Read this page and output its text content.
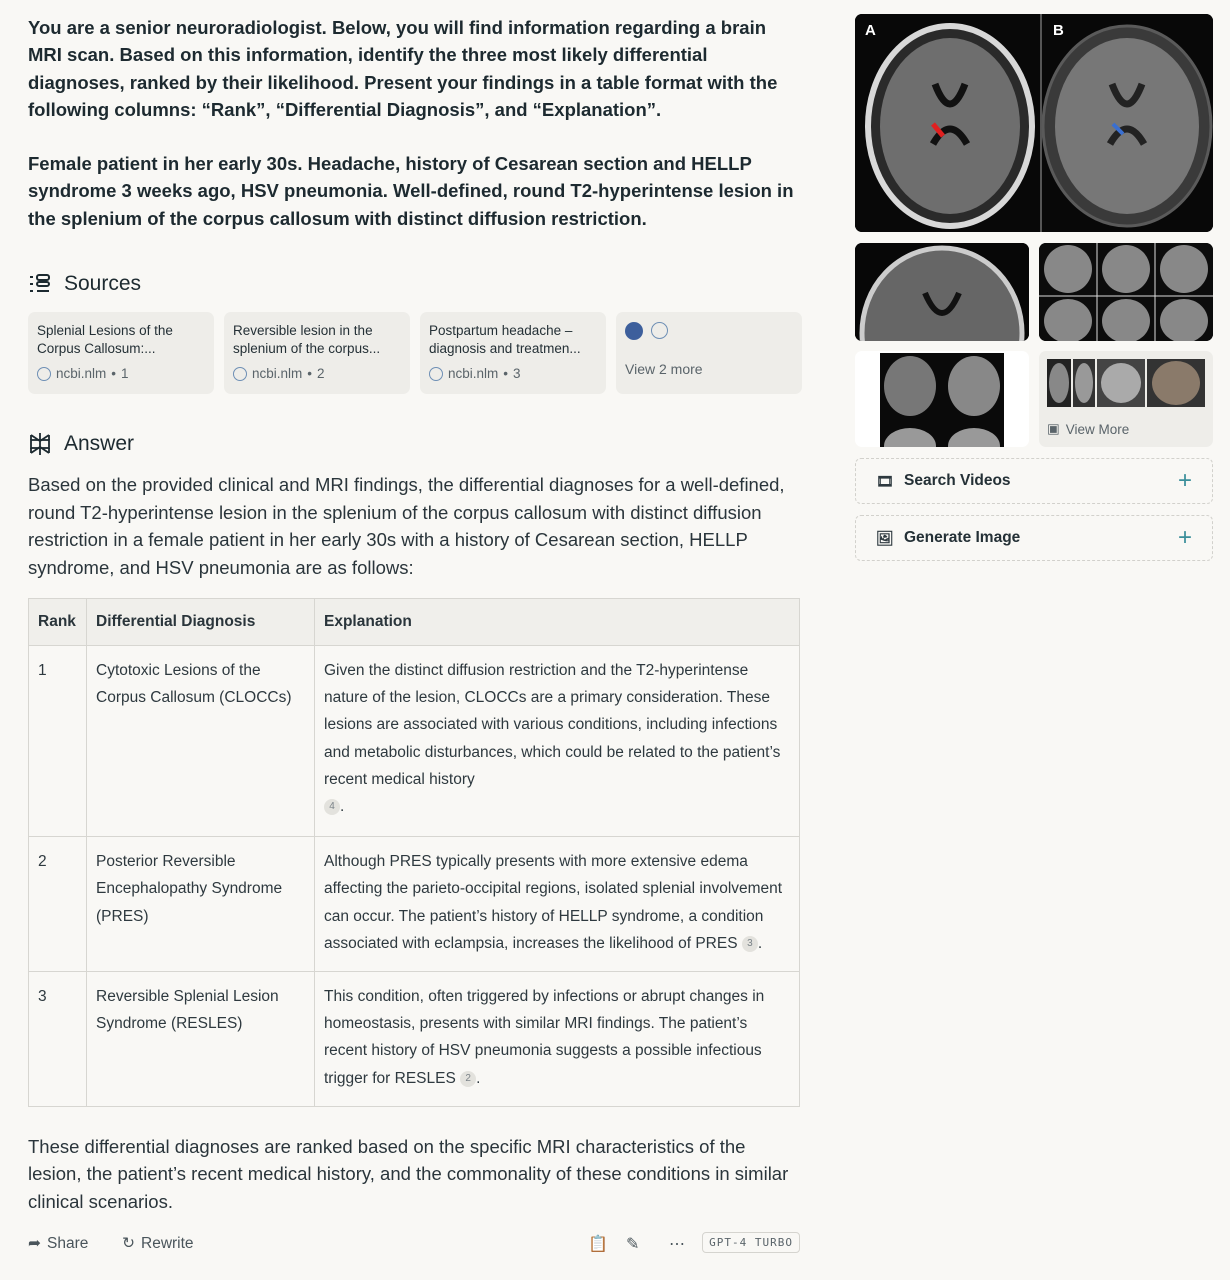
You are a senior neuroradiologist. Below, you will find information regarding a brain MRI scan. Based on this information, identify the three most likely differential diagnoses, ranked by their likelihood. Present your findings in a table format with the following columns: “Rank”, “Differential Diagnosis”, and “Explanation”.

Female patient in her early 30s. Headache, history of Cesarean section and HELLP syndrome 3 weeks ago, HSV pneumonia. Well-defined, round T2-hyperintense lesion in the splenium of the corpus callosum with distinct diffusion restriction.

Sources
Splenial Lesions of the Corpus Callosum:...
ncbi.nlm • 1
Reversible lesion in the splenium of the corpus...
ncbi.nlm • 2
Postpartum headache – diagnosis and treatmen...
ncbi.nlm • 3	View 2 more
Answer
Based on the provided clinical and MRI findings, the differential diagnoses for a well-defined, round T2-hyperintense lesion in the splenium of the corpus callosum with distinct diffusion restriction in a female patient in her early 30s with a history of Cesarean section, HELLP syndrome, and HSV pneumonia are as follows:
Rank	Differential Diagnosis	Explanation
1	Cytotoxic Lesions of the Corpus Callosum (CLOCCs)	Given the distinct diffusion restriction and the T2-hyperintense nature of the lesion, CLOCCs are a primary consideration. These lesions are associated with various conditions, including infections and metabolic disturbances, which could be related to the patient’s recent medical history
4 .
2	Posterior Reversible Encephalopathy Syndrome (PRES)	Although PRES typically presents with more extensive edema affecting the parieto-occipital regions, isolated splenial involvement can occur. The patient’s history of HELLP syndrome, a condition associated with eclampsia, increases the likelihood of PRES 3 .
3	Reversible Splenial Lesion Syndrome (RESLES)	This condition, often triggered by infections or abrupt changes in homeostasis, presents with similar MRI findings. The patient’s recent history of HSV pneumonia suggests a possible infectious trigger for RESLES 2 .
These differential diagnoses are ranked based on the specific MRI characteristics of the lesion, the patient’s recent medical history, and the commonality of these conditions in similar clinical scenarios.
➦ Share ↻ Rewrite	📋 ✎ ⋯	GPT-4 TURBO
A	B
▣ View More
🎞 Search Videos	+
🖼 Generate Image	+
